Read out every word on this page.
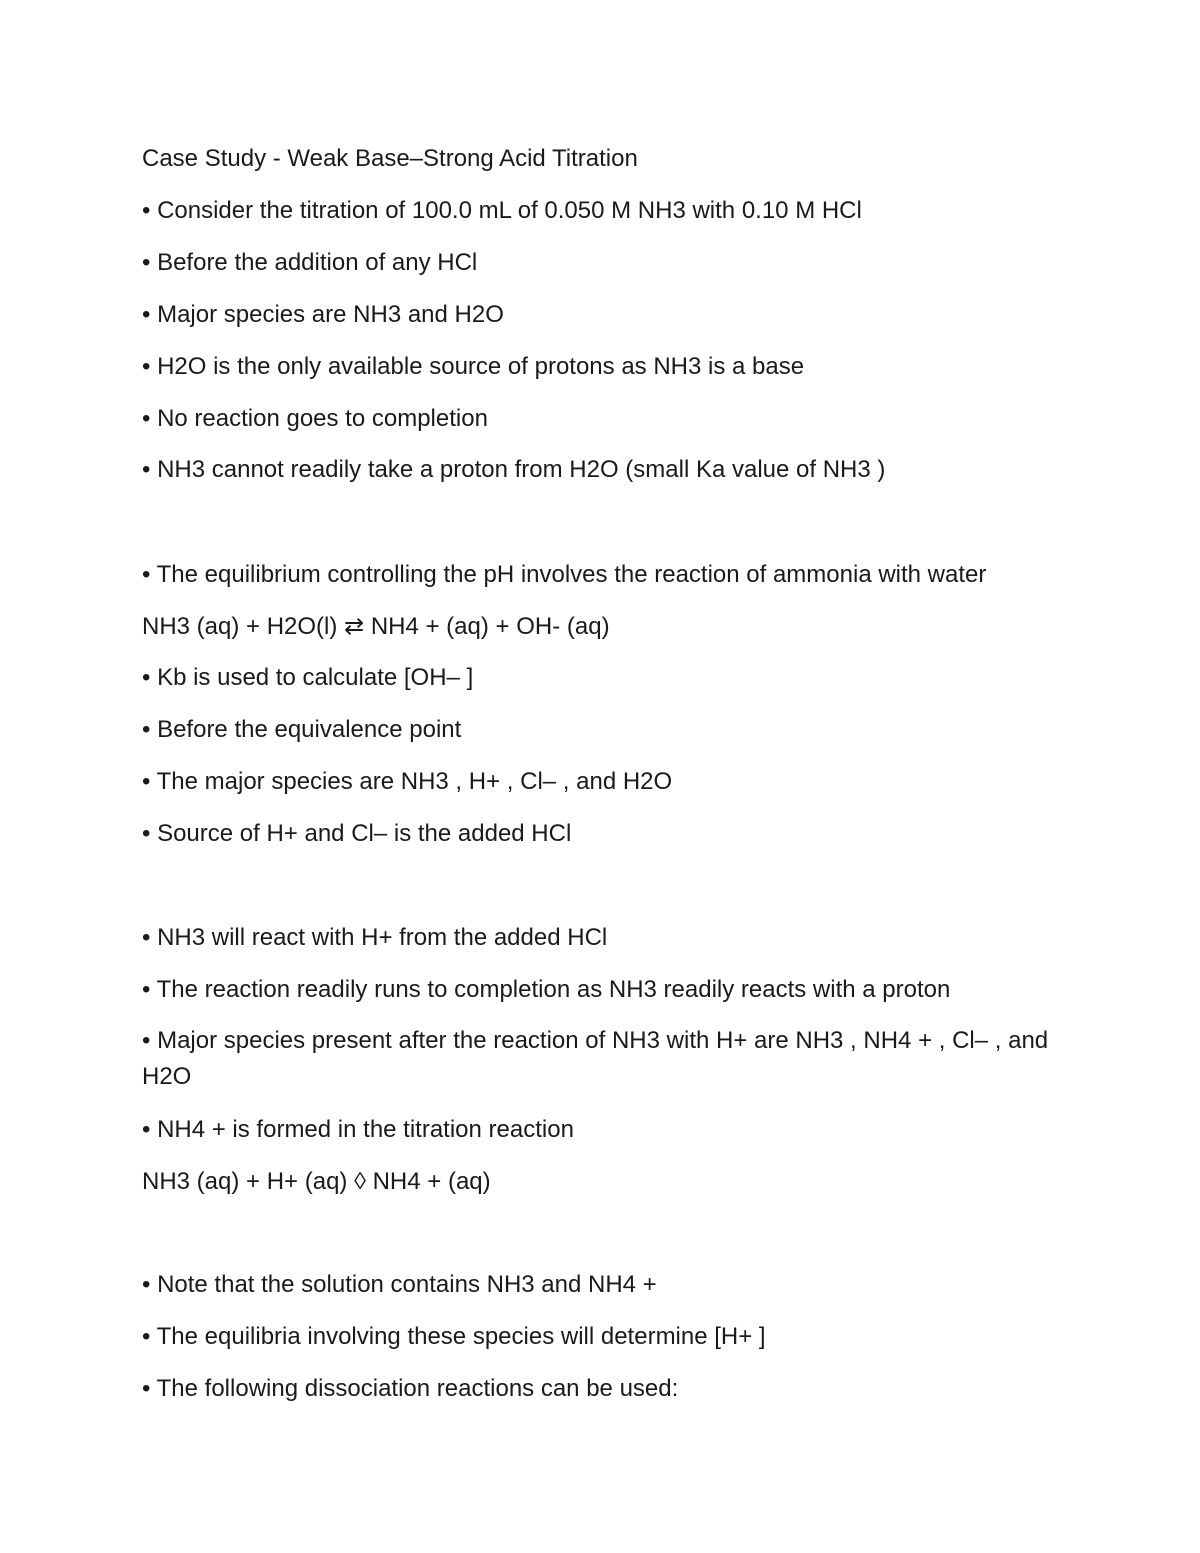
Case Study - Weak Base–Strong Acid Titration
• Consider the titration of 100.0 mL of 0.050 M NH3 with 0.10 M HCl
• Before the addition of any HCl
• Major species are NH3 and H2O
• H2O is the only available source of protons as NH3 is a base
• No reaction goes to completion
• NH3 cannot readily take a proton from H2O (small Ka value of NH3 )
• The equilibrium controlling the pH involves the reaction of ammonia with water
NH3 (aq) + H2O(l) ⇄ NH4 + (aq) + OH- (aq)
• Kb is used to calculate [OH– ]
• Before the equivalence point
• The major species are NH3 , H+ , Cl– , and H2O
• Source of H+ and Cl– is the added HCl
• NH3 will react with H+ from the added HCl
• The reaction readily runs to completion as NH3 readily reacts with a proton
• Major species present after the reaction of NH3 with H+ are NH3 , NH4 + , Cl– , and H2O
• NH4 + is formed in the titration reaction
NH3 (aq) + H+ (aq) ◊ NH4 + (aq)
• Note that the solution contains NH3 and NH4 +
• The equilibria involving these species will determine [H+ ]
• The following dissociation reactions can be used:
